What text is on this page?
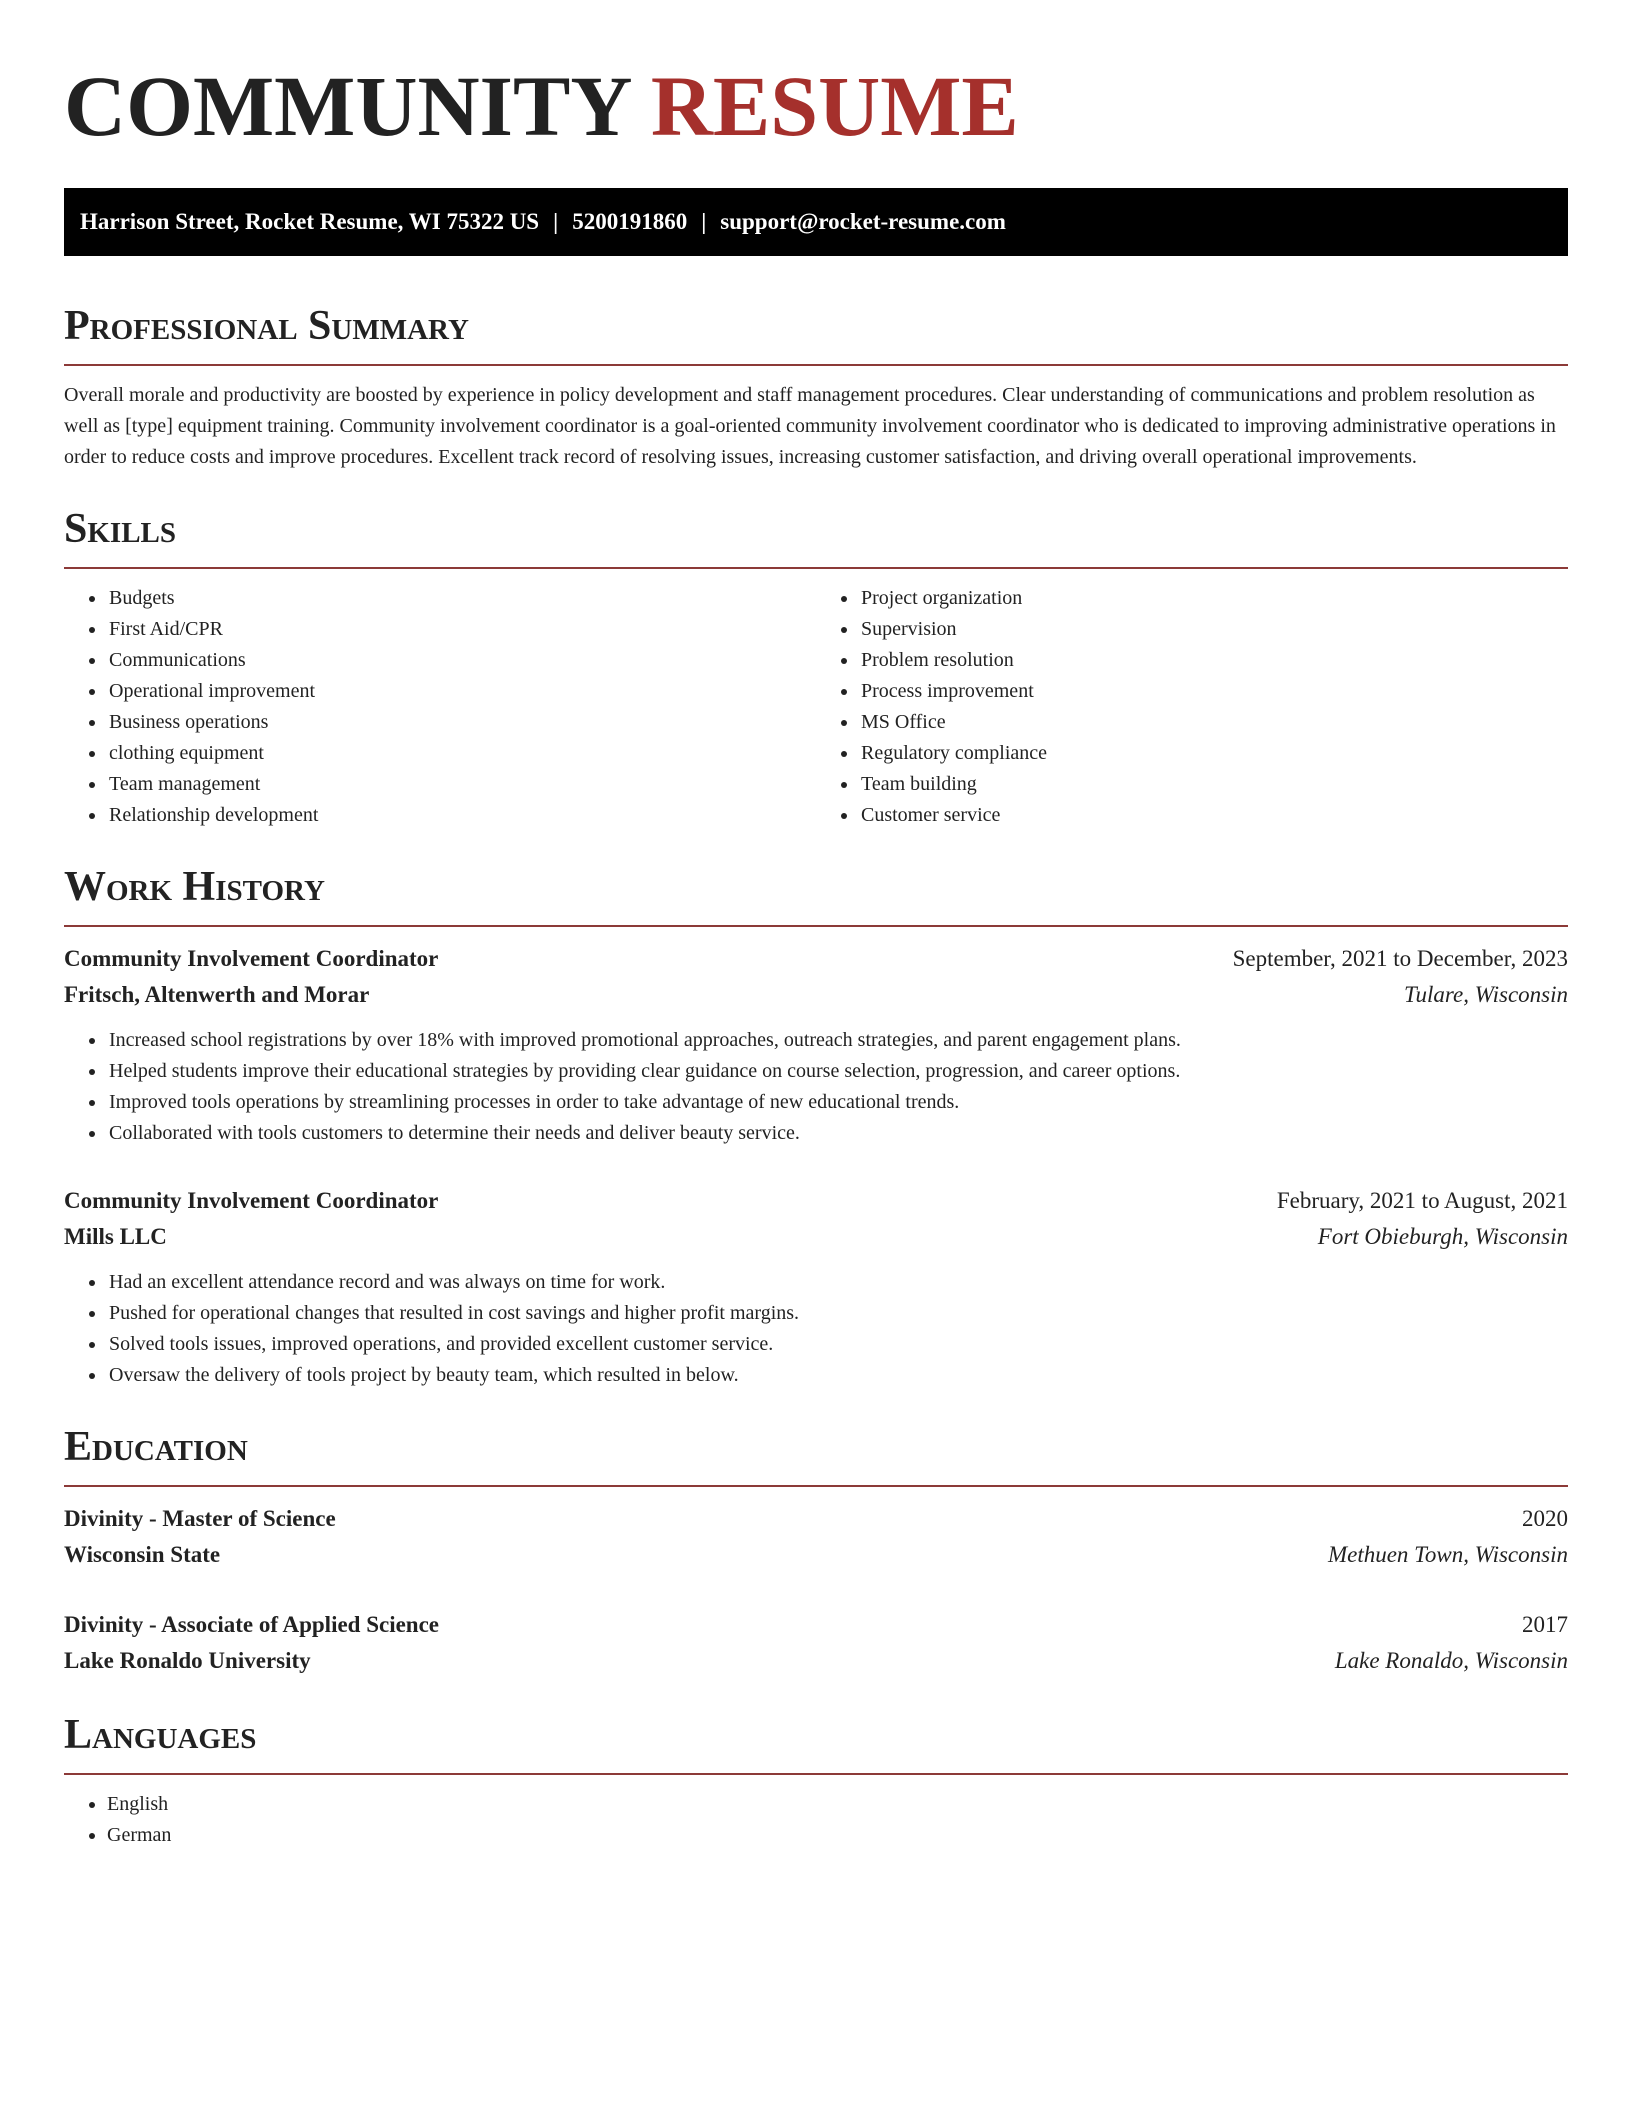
COMMUNITY RESUME
Harrison Street, Rocket Resume, WI 75322 US | 5200191860 | support@rocket-resume.com
Professional Summary

Overall morale and productivity are boosted by experience in policy development and staff management procedures. Clear understanding of communications and problem resolution as well as [type] equipment training. Community involvement coordinator is a goal-oriented community involvement coordinator who is dedicated to improving administrative operations in order to reduce costs and improve procedures. Excellent track record of resolving issues, increasing customer satisfaction, and driving overall operational improvements.

Skills
• Budgets
• First Aid/CPR
• Communications
• Operational improvement
• Business operations
• clothing equipment
• Team management
• Relationship development
• Project organization
• Supervision
• Problem resolution
• Process improvement
• MS Office
• Regulatory compliance
• Team building
• Customer service
Work History
Community Involvement Coordinator	September, 2021 to December, 2023
Fritsch, Altenwerth and Morar	Tulare, Wisconsin
• Increased school registrations by over 18% with improved promotional approaches, outreach strategies, and parent engagement plans.
• Helped students improve their educational strategies by providing clear guidance on course selection, progression, and career options.
• Improved tools operations by streamlining processes in order to take advantage of new educational trends.
• Collaborated with tools customers to determine their needs and deliver beauty service.
Community Involvement Coordinator	February, 2021 to August, 2021
Mills LLC	Fort Obieburgh, Wisconsin
• Had an excellent attendance record and was always on time for work.
• Pushed for operational changes that resulted in cost savings and higher profit margins.
• Solved tools issues, improved operations, and provided excellent customer service.
• Oversaw the delivery of tools project by beauty team, which resulted in below.
Education
Divinity - Master of Science	2020
Wisconsin State	Methuen Town, Wisconsin
Divinity - Associate of Applied Science	2017
Lake Ronaldo University	Lake Ronaldo, Wisconsin
Languages
• English
• German
